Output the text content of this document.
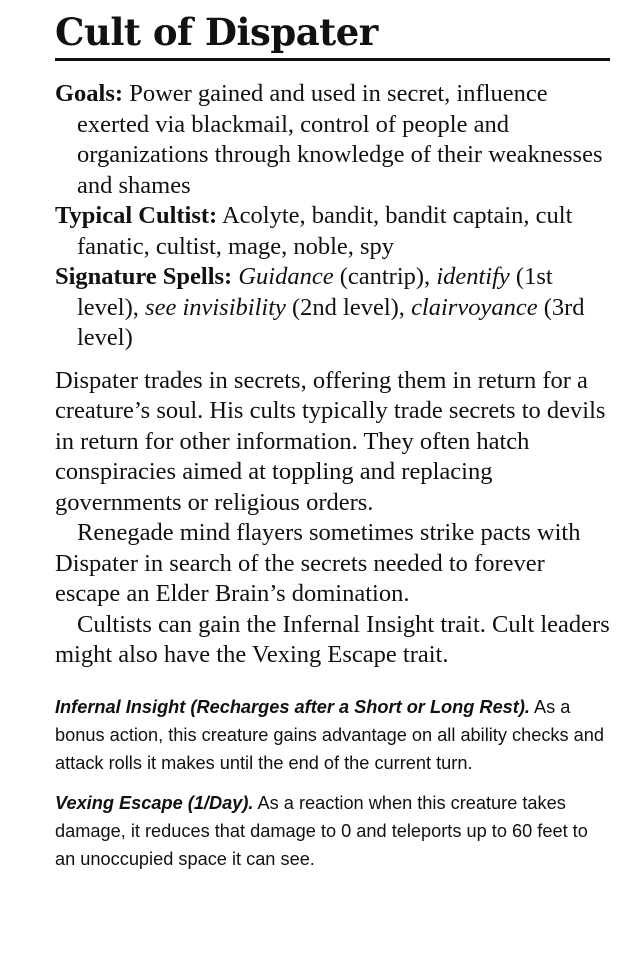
Cult of Dispater
Goals: Power gained and used in secret, influence exerted via blackmail, control of people and organizations through knowledge of their weaknesses and shames
Typical Cultist: Acolyte, bandit, bandit captain, cult fanatic, cultist, mage, noble, spy
Signature Spells: Guidance (cantrip), identify (1st level), see invisibility (2nd level), clairvoyance (3rd level)

Dispater trades in secrets, offering them in return for a creature’s soul. His cults typically trade secrets to devils in return for other information. They often hatch conspiracies aimed at toppling and replacing governments or religious orders.

Renegade mind flayers sometimes strike pacts with Dispater in search of the secrets needed to forever escape an Elder Brain’s domination.

Cultists can gain the Infernal Insight trait. Cult leaders might also have the Vexing Escape trait.

Infernal Insight (Recharges after a Short or Long Rest). As a bonus action, this creature gains advantage on all ability checks and attack rolls it makes until the end of the current turn.

Vexing Escape (1/Day). As a reaction when this creature takes damage, it reduces that damage to 0 and teleports up to 60 feet to an unoccupied space it can see.
